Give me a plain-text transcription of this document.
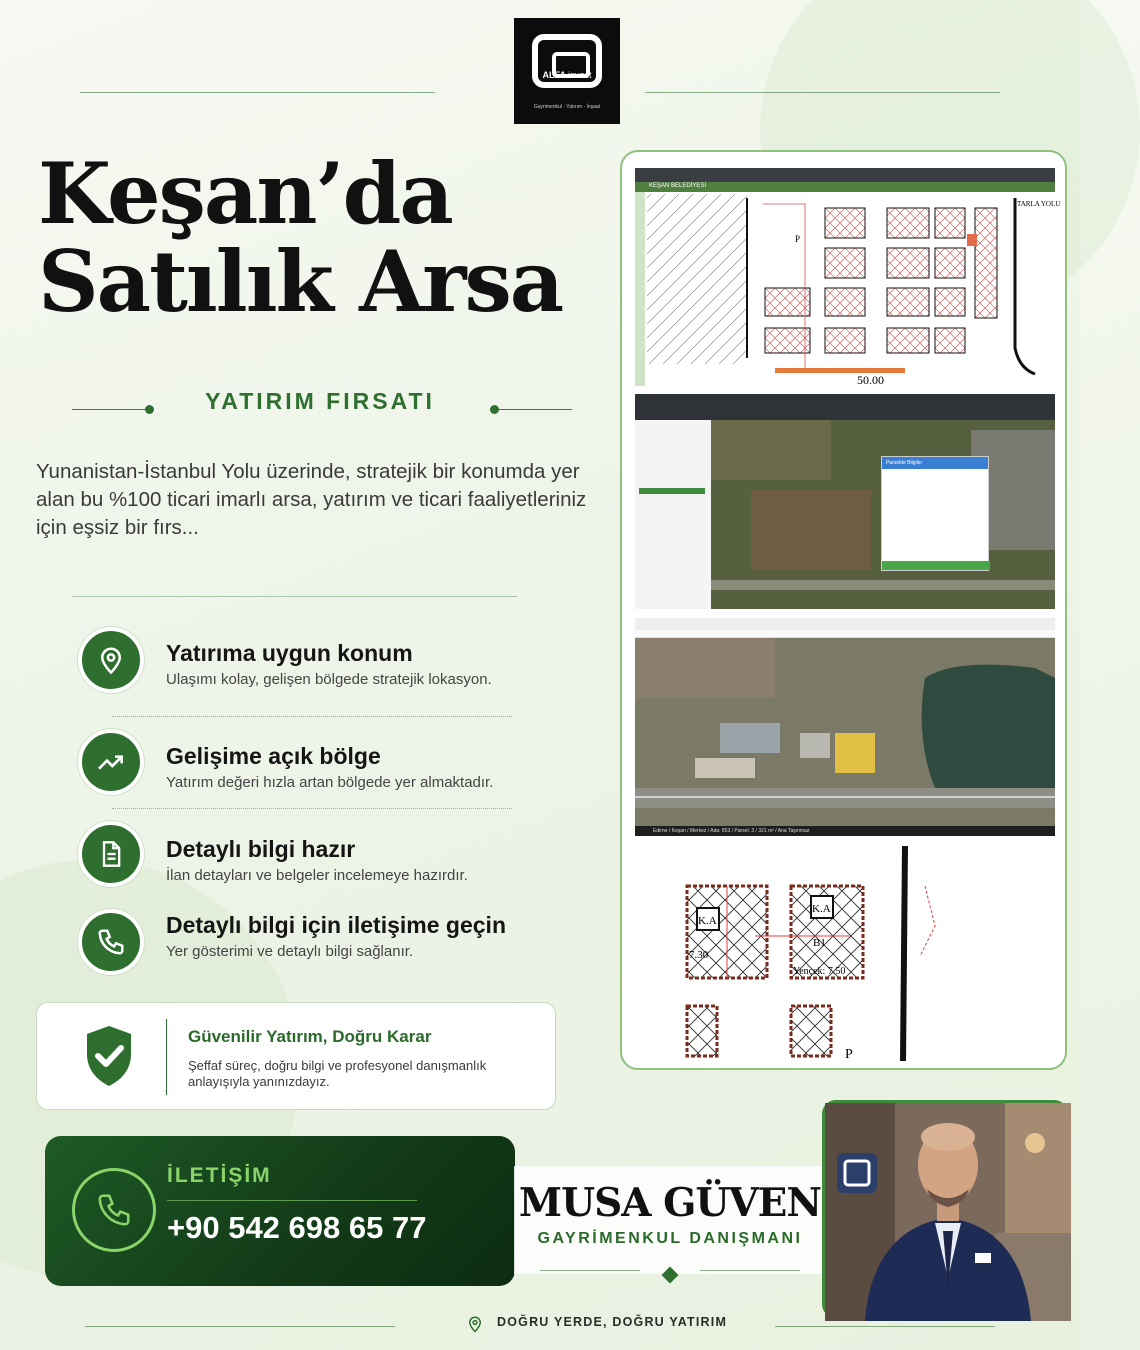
ALFA invest
Gayrimenkul · Yatırım · İnşaat
Keşan’da
Satılık Arsa
YATIRIM FIRSATI
Yunanistan-İstanbul Yolu üzerinde, stratejik bir konumda yer alan bu %100 ticari imarlı arsa, yatırım ve ticari faaliyetleriniz için eşsiz bir fırs...
Yatırıma uygun konum
Ulaşımı kolay, gelişen bölgede stratejik lokasyon.
Gelişime açık bölge
Yatırım değeri hızla artan bölgede yer almaktadır.
Detaylı bilgi hazır
İlan detayları ve belgeler incelemeye hazırdır.
Detaylı bilgi için iletişime geçin
Yer gösterimi ve detaylı bilgi sağlanır.
Güvenilir Yatırım, Doğru Karar
Şeffaf süreç, doğru bilgi ve profesyonel danışmanlık anlayışıyla yanınızdayız.
İLETİŞİM
+90 542 698 65 77
MUSA GÜVEN
GAYRİMENKUL DANIŞMANI
DOĞRU YERDE, DOĞRU YATIRIM
KEŞAN BELEDİYESİ
P
TARLA YOLU
50.00
Parselde Bilgiler
Edirne / Keşan / Merkez / Ada: 853 / Parsel: 3 / 321 m² / Ana Taşınmaz
K.A
K.A
B1
7.30
Yençek: 7.50
P
